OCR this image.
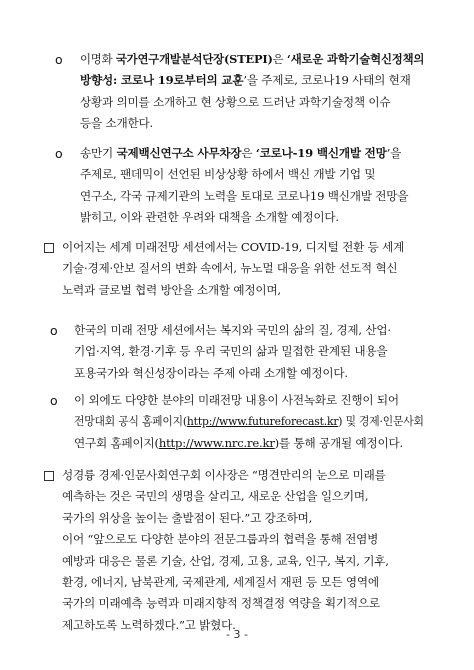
o 이명화 국가연구개발분석단장(STEPI)은 ‘새로운 과학기술혁신정책의
방향성: 코로나 19로부터의 교훈’을 주제로, 코로나19 사태의 현재
상황과 의미를 소개하고 현 상황으로 드러난 과학기술정책 이슈
등을 소개한다.
o 송만기 국제백신연구소 사무차장은 ‘코로나-19 백신개발 전망’을
주제로, 팬데믹이 선언된 비상상황 하에서 백신 개발 기업 및
연구소, 각국 규제기관의 노력을 토대로 코로나19 백신개발 전망을
밝히고, 이와 관련한 우려와 대책을 소개할 예정이다.
이어지는 세계 미래전망 세션에서는 COVID-19, 디지털 전환 등 세계
기술·경제·안보 질서의 변화 속에서, 뉴노멀 대응을 위한 선도적 혁신
노력과 글로벌 협력 방안을 소개할 예정이며,
o 한국의 미래 전망 세션에서는 복지와 국민의 삶의 질, 경제, 산업·
기업·지역, 환경·기후 등 우리 국민의 삶과 밀접한 관계된 내용을
포용국가와 혁신성장이라는 주제 아래 소개할 예정이다.
o 이 외에도 다양한 분야의 미래전망 내용이 사전녹화로 진행이 되어
전망대회 공식 홈페이지(http://www.futureforecast.kr) 및 경제·인문사회
연구회 홈페이지(http://www.nrc.re.kr)를 통해 공개될 예정이다.
성경륭 경제·인문사회연구회 이사장은 “명견만리의 눈으로 미래를
예측하는 것은 국민의 생명을 살리고, 새로운 산업을 일으키며,
국가의 위상을 높이는 출발점이 된다.”고 강조하며,
이어 “앞으로도 다양한 분야의 전문그룹과의 협력을 통해 전염병
예방과 대응은 물론 기술, 산업, 경제, 고용, 교육, 인구, 복지, 기후,
환경, 에너지, 남북관계, 국제관계, 세계질서 재편 등 모든 영역에
국가의 미래예측 능력과 미래지향적 정책결정 역량을 획기적으로
제고하도록 노력하겠다.”고 밝혔다.
- 3 -
